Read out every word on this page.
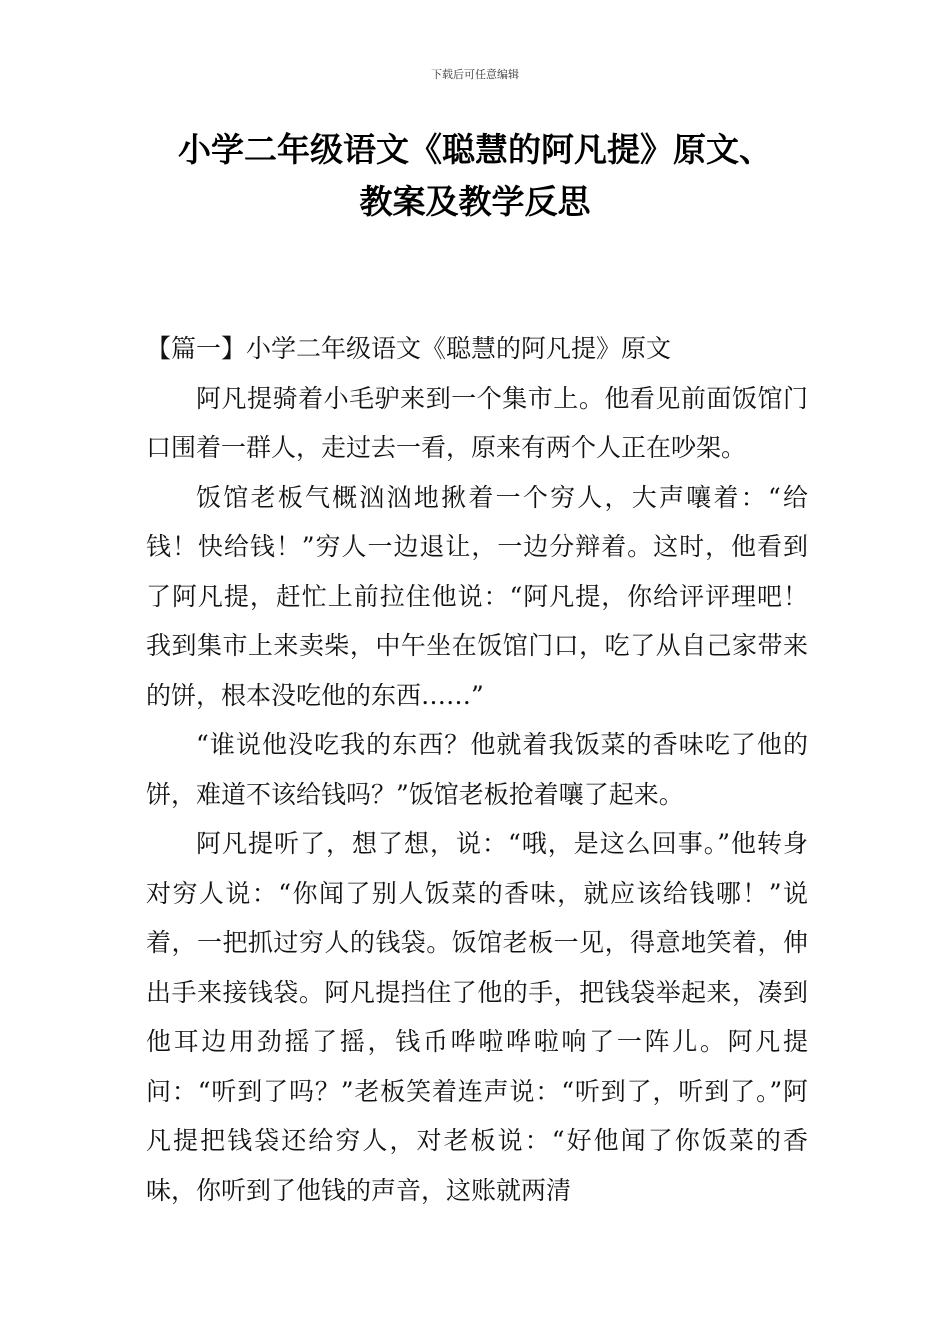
下载后可任意编辑
小学二年级语文《聪慧的阿凡提》原文、
教案及教学反思

【篇一】小学二年级语文《聪慧的阿凡提》原文

阿凡提骑着小毛驴来到一个集市上。他看见前面饭馆门口围着一群人，走过去一看，原来有两个人正在吵架。

饭馆老板气概汹汹地揪着一个穷人，大声嚷着：“给钱！快给钱！”穷人一边退让，一边分辩着。这时，他看到了阿凡提，赶忙上前拉住他说：“阿凡提，你给评评理吧！我到集市上来卖柴，中午坐在饭馆门口，吃了从自己家带来的饼，根本没吃他的东西……”

“谁说他没吃我的东西？他就着我饭菜的香味吃了他的饼，难道不该给钱吗？”饭馆老板抢着嚷了起来。

阿凡提听了，想了想，说：“哦，是这么回事。”他转身对穷人说：“你闻了别人饭菜的香味，就应该给钱哪！”说着，一把抓过穷人的钱袋。饭馆老板一见，得意地笑着，伸出手来接钱袋。阿凡提挡住了他的手，把钱袋举起来，凑到他耳边用劲摇了摇，钱币哗啦哗啦响了一阵儿。阿凡提问：“听到了吗？”老板笑着连声说：“听到了，听到了。”阿凡提把钱袋还给穷人，对老板说：“好他闻了你饭菜的香味，你听到了他钱的声音，这账就两清
